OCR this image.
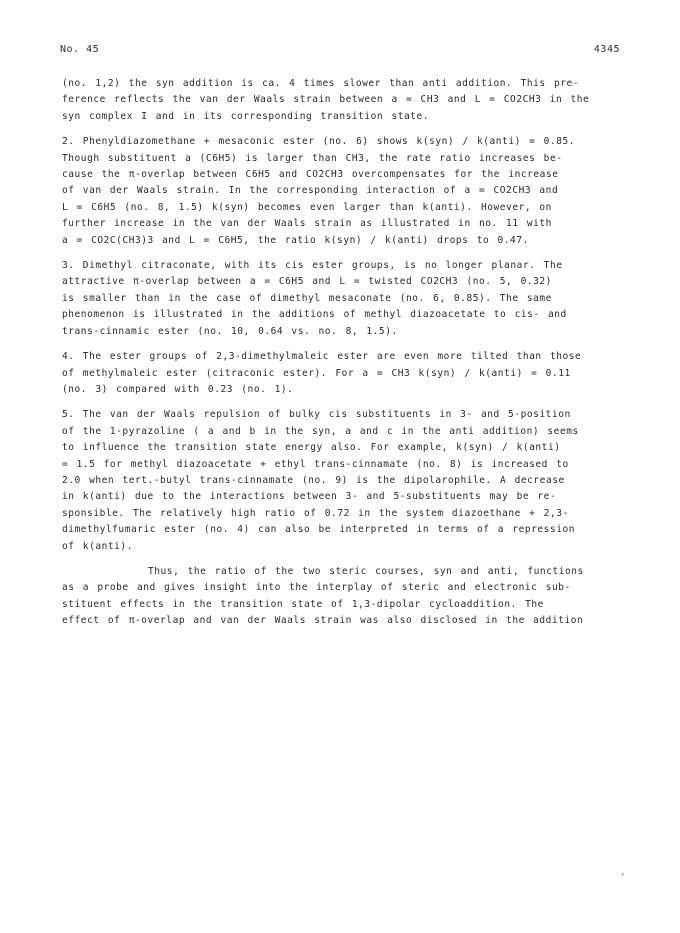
No. 45	4345
(no. 1,2) the syn addition is ca. 4 times slower than anti addition. This pre-
ference reflects the van der Waals strain between a = CH3 and L = CO2CH3 in the
syn complex I and in its corresponding transition state.
2. Phenyldiazomethane + mesaconic ester (no. 6) shows k(syn) / k(anti) = 0.85.
Though substituent a (C6H5) is larger than CH3, the rate ratio increases be-
cause the π-overlap between C6H5 and CO2CH3 overcompensates for the increase
of van der Waals strain. In the corresponding interaction of a = CO2CH3 and
L = C6H5 (no. 8, 1.5) k(syn) becomes even larger than k(anti). However, on
further increase in the van der Waals strain as illustrated in no. 11 with
a = CO2C(CH3)3 and L = C6H5, the ratio k(syn) / k(anti) drops to 0.47.
3. Dimethyl citraconate, with its cis ester groups, is no longer planar. The
attractive π-overlap between a = C6H5 and L = twisted CO2CH3 (no. 5, 0.32)
is smaller than in the case of dimethyl mesaconate (no. 6, 0.85). The same
phenomenon is illustrated in the additions of methyl diazoacetate to cis- and
trans-cinnamic ester (no. 10, 0.64 vs. no. 8, 1.5).
4. The ester groups of 2,3-dimethylmaleic ester are even more tilted than those
of methylmaleic ester (citraconic ester). For a = CH3 k(syn) / k(anti) = 0.11
(no. 3) compared with 0.23 (no. 1).
5. The van der Waals repulsion of bulky cis substituents in 3- and 5-position
of the 1-pyrazoline ( a and b in the syn, a and c in the anti addition) seems
to influence the transition state energy also. For example, k(syn) / k(anti)
= 1.5 for methyl diazoacetate + ethyl trans-cinnamate (no. 8) is increased to
2.0 when tert.-butyl trans-cinnamate (no. 9) is the dipolarophile. A decrease
in k(anti) due to the interactions between 3- and 5-substituents may be re-
sponsible. The relatively high ratio of 0.72 in the system diazoethane + 2,3-
dimethylfumaric ester (no. 4) can also be interpreted in terms of a repression
of k(anti).
Thus, the ratio of the two steric courses, syn and anti, functions
as a probe and gives insight into the interplay of steric and electronic sub-
stituent effects in the transition state of 1,3-dipolar cycloaddition. The
effect of π-overlap and van der Waals strain was also disclosed in the addition
.
